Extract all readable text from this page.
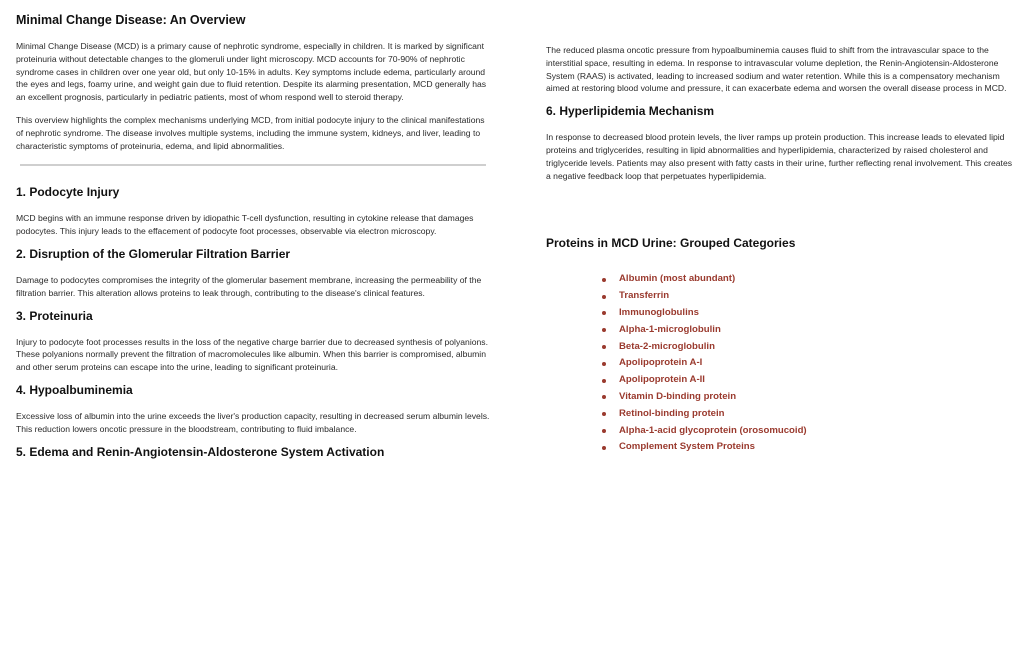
Minimal Change Disease: An Overview

Minimal Change Disease (MCD) is a primary cause of nephrotic syndrome, especially in children. It is marked by significant proteinuria without detectable changes to the glomeruli under light microscopy. MCD accounts for 70-90% of nephrotic syndrome cases in children over one year old, but only 10-15% in adults. Key symptoms include edema, particularly around the eyes and legs, foamy urine, and weight gain due to fluid retention. Despite its alarming presentation, MCD generally has an excellent prognosis, particularly in pediatric patients, most of whom respond well to steroid therapy.

This overview highlights the complex mechanisms underlying MCD, from initial podocyte injury to the clinical manifestations of nephrotic syndrome. The disease involves multiple systems, including the immune system, kidneys, and liver, leading to characteristic symptoms of proteinuria, edema, and lipid abnormalities.

1. Podocyte Injury

MCD begins with an immune response driven by idiopathic T-cell dysfunction, resulting in cytokine release that damages podocytes. This injury leads to the effacement of podocyte foot processes, observable via electron microscopy.

2. Disruption of the Glomerular Filtration Barrier

Damage to podocytes compromises the integrity of the glomerular basement membrane, increasing the permeability of the filtration barrier. This alteration allows proteins to leak through, contributing to the disease's clinical features.

3. Proteinuria

Injury to podocyte foot processes results in the loss of the negative charge barrier due to decreased synthesis of polyanions. These polyanions normally prevent the filtration of macromolecules like albumin. When this barrier is compromised, albumin and other serum proteins can escape into the urine, leading to significant proteinuria.

4. Hypoalbuminemia

Excessive loss of albumin into the urine exceeds the liver's production capacity, resulting in decreased serum albumin levels. This reduction lowers oncotic pressure in the bloodstream, contributing to fluid imbalance.

5. Edema and Renin-Angiotensin-Aldosterone System Activation

The reduced plasma oncotic pressure from hypoalbuminemia causes fluid to shift from the intravascular space to the interstitial space, resulting in edema. In response to intravascular volume depletion, the Renin-Angiotensin-Aldosterone System (RAAS) is activated, leading to increased sodium and water retention. While this is a compensatory mechanism aimed at restoring blood volume and pressure, it can exacerbate edema and worsen the overall disease process in MCD.

6. Hyperlipidemia Mechanism

In response to decreased blood protein levels, the liver ramps up protein production. This increase leads to elevated lipid proteins and triglycerides, resulting in lipid abnormalities and hyperlipidemia, characterized by raised cholesterol and triglyceride levels. Patients may also present with fatty casts in their urine, further reflecting renal involvement. This creates a negative feedback loop that perpetuates hyperlipidemia.

Proteins in MCD Urine: Grouped Categories
Albumin (most abundant)
Transferrin
Immunoglobulins
Alpha-1-microglobulin
Beta-2-microglobulin
Apolipoprotein A-I
Apolipoprotein A-II
Vitamin D-binding protein
Retinol-binding protein
Alpha-1-acid glycoprotein (orosomucoid)
Complement System Proteins
